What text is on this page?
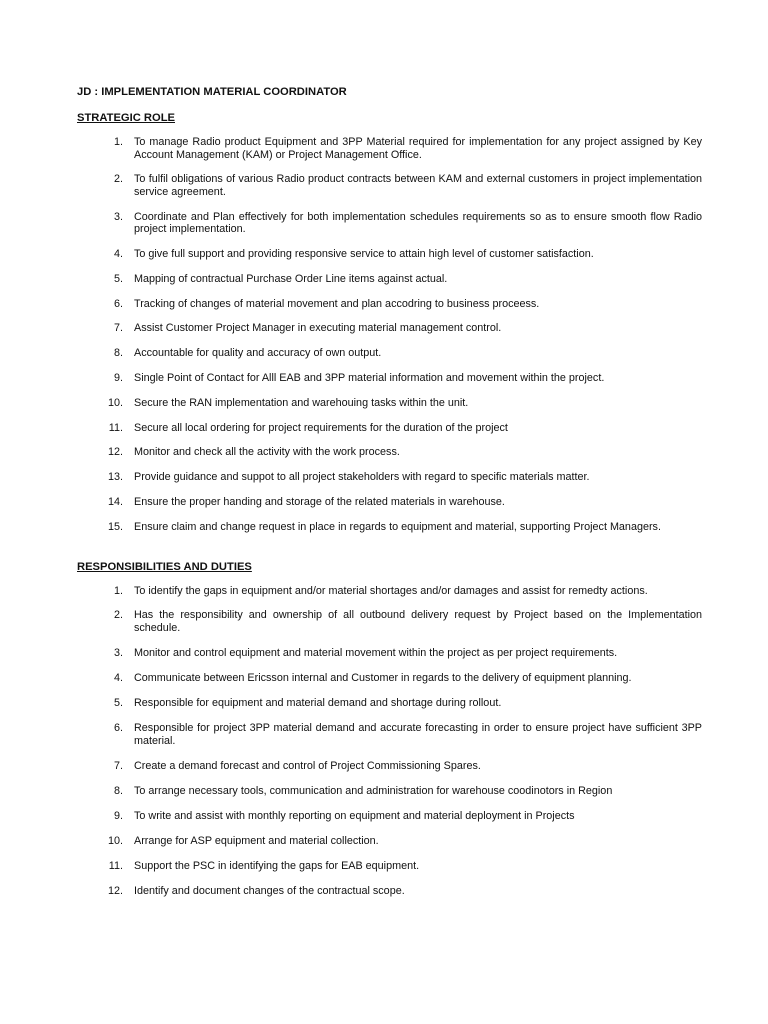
JD : IMPLEMENTATION MATERIAL COORDINATOR
STRATEGIC ROLE
1. To manage Radio product Equipment and 3PP Material required for implementation for any project assigned by Key Account Management (KAM) or Project Management Office.
2. To fulfil obligations of various Radio product contracts between KAM and external customers in project implementation service agreement.
3. Coordinate and Plan effectively for both implementation schedules requirements so as to ensure smooth flow Radio project implementation.
4. To give full support and providing responsive service to attain high level of customer satisfaction.
5. Mapping of contractual Purchase Order Line items against actual.
6. Tracking of changes of material movement and plan accodring to business proceess.
7. Assist Customer Project Manager in executing material management control.
8. Accountable for quality and accuracy of own output.
9. Single Point of Contact for Alll EAB and 3PP material information and movement within the project.
10. Secure the RAN implementation and warehouing tasks within the unit.
11. Secure all local ordering for project requirements for the duration of the project
12. Monitor and check all the activity with the work process.
13. Provide guidance and suppot to all project stakeholders with regard to specific materials matter.
14. Ensure the proper handing and storage of the related materials in warehouse.
15. Ensure claim and change request in place in regards to equipment and material, supporting Project Managers.
RESPONSIBILITIES AND DUTIES
1. To identify the gaps in equipment and/or material shortages and/or damages and assist for remedty actions.
2. Has the responsibility and ownership of all outbound delivery request by Project based on the Implementation schedule.
3. Monitor and control equipment and material movement within the project as per project requirements.
4. Communicate between Ericsson internal and Customer in regards to the delivery of equipment planning.
5. Responsible for equipment and material demand and shortage during rollout.
6. Responsible for project 3PP material demand and accurate forecasting in order to ensure project have sufficient 3PP material.
7. Create a demand forecast and control of Project Commissioning Spares.
8. To arrange necessary tools, communication and administration for warehouse coodinotors in Region
9. To write and assist with monthly reporting on equipment and material deployment in Projects
10. Arrange for ASP equipment and material collection.
11. Support the PSC in identifying the gaps for EAB equipment.
12. Identify and document changes of the contractual scope.
